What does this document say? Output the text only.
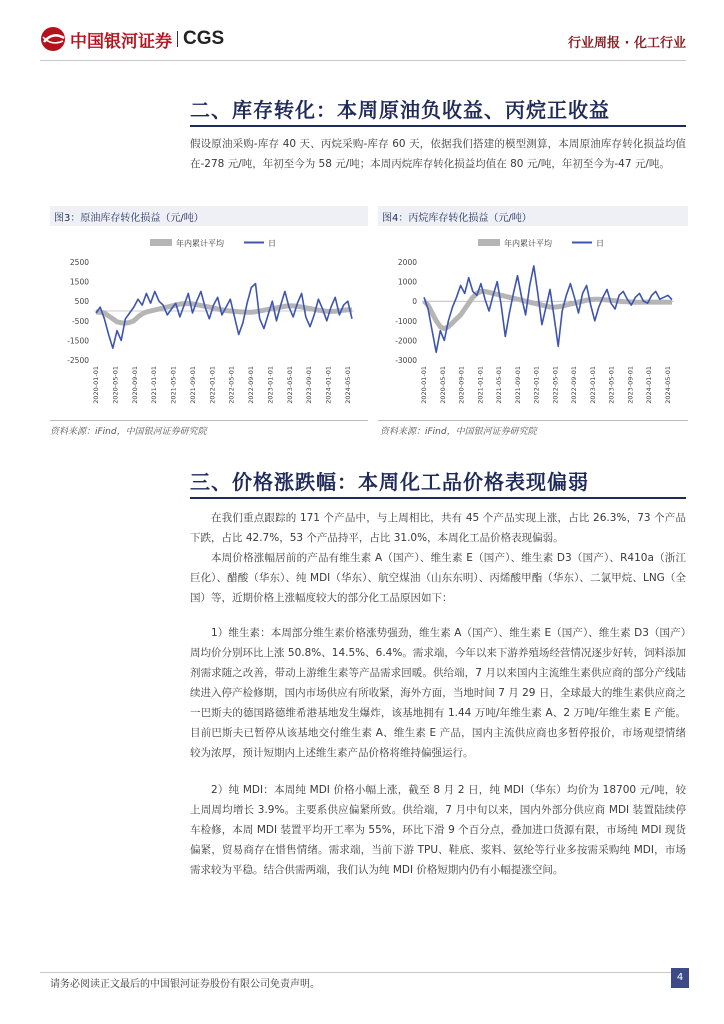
中国银河证券 CGS	行业周报 · 化工行业
二、库存转化：本周原油负收益、丙烷正收益
假设原油采购-库存 40 天、丙烷采购-库存 60 天，依据我们搭建的模型测算，本周原油库存转化损益均值在-278 元/吨，年初至今为 58 元/吨；本周丙烷库存转化损益均值在 80 元/吨，年初至今为-47 元/吨。
图3：原油库存转化损益（元/吨）	图4：丙烷库存转化损益（元/吨）
年内累计平均	日
2500
1500
500
-500
-1500
-2500
2020-01-01 2020-05-01 2020-09-01 2021-01-01 2021-05-01 2021-09-01 2022-01-01 2022-05-01 2022-09-01 2023-01-01 2023-05-01 2023-09-01 2024-01-01 2024-05-01
年内累计平均	日
2000
1000
0
-1000
-2000
-3000
2020-01-01 2020-05-01 2020-09-01 2021-01-01 2021-05-01 2021-09-01 2022-01-01 2022-05-01 2022-09-01 2023-01-01 2023-05-01 2023-09-01 2024-01-01 2024-05-01
资料来源：iFind，中国银河证券研究院	资料来源：iFind，中国银河证券研究院
三、价格涨跌幅：本周化工品价格表现偏弱
在我们重点跟踪的 171 个产品中，与上周相比，共有 45 个产品实现上涨，占比 26.3%，73 个产品下跌，占比 42.7%，53 个产品持平，占比 31.0%，本周化工品价格表现偏弱。
本周价格涨幅居前的产品有维生素 A（国产）、维生素 E（国产）、维生素 D3（国产）、R410a（浙江巨化）、醋酸（华东）、纯 MDI（华东）、航空煤油（山东东明）、丙烯酸甲酯（华东）、二氯甲烷、LNG（全国）等，近期价格上涨幅度较大的部分化工品原因如下：
1）维生素：本周部分维生素价格涨势强劲，维生素 A（国产）、维生素 E（国产）、维生素 D3（国产）周均价分别环比上涨 50.8%、14.5%、6.4%。需求端，今年以来下游养殖场经营情况逐步好转，饲料添加剂需求随之改善，带动上游维生素等产品需求回暖。供给端，7 月以来国内主流维生素供应商的部分产线陆续进入停产检修期，国内市场供应有所收紧，海外方面，当地时间 7 月 29 日，全球最大的维生素供应商之一巴斯夫的德国路德维希港基地发生爆炸，该基地拥有 1.44 万吨/年维生素 A、2 万吨/年维生素 E 产能。目前巴斯夫已暂停从该基地交付维生素 A、维生素 E 产品，国内主流供应商也多暂停报价，市场观望情绪较为浓厚，预计短期内上述维生素产品价格将维持偏强运行。
2）纯 MDI：本周纯 MDI 价格小幅上涨，截至 8 月 2 日，纯 MDI（华东）均价为 18700 元/吨，较上周周均增长 3.9%。主要系供应偏紧所致。供给端，7 月中旬以来，国内外部分供应商 MDI 装置陆续停车检修，本周 MDI 装置平均开工率为 55%，环比下滑 9 个百分点，叠加进口货源有限，市场纯 MDI 现货偏紧，贸易商存在惜售情绪。需求端，当前下游 TPU、鞋底、浆料、氨纶等行业多按需采购纯 MDI，市场需求较为平稳。结合供需两端，我们认为纯 MDI 价格短期内仍有小幅提涨空间。
请务必阅读正文最后的中国银河证券股份有限公司免责声明。
4
